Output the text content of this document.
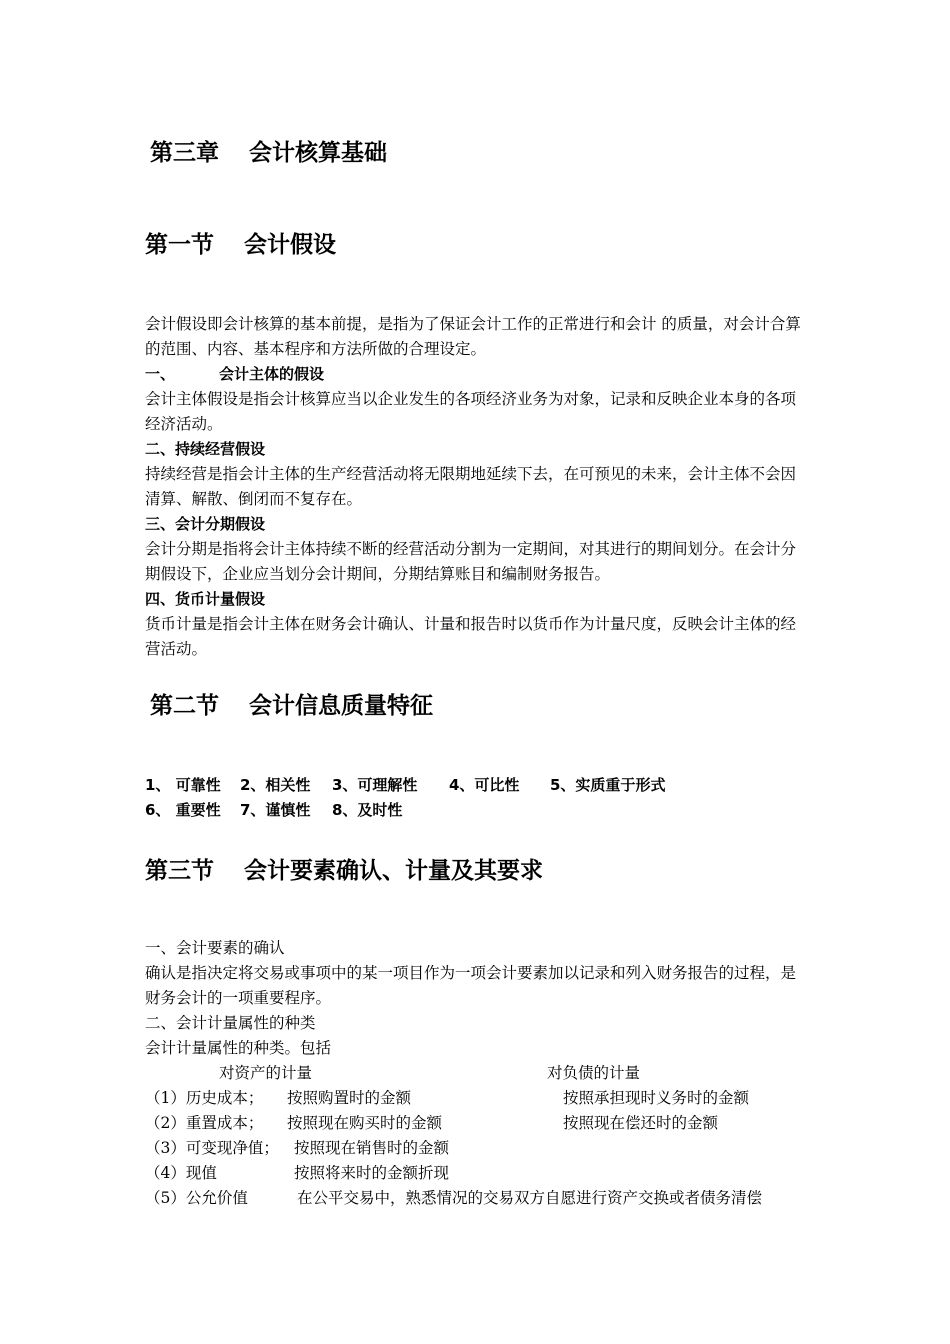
第三章 会计核算基础
第一节 会计假设
会计假设即会计核算的基本前提，是指为了保证会计工作的正常进行和会计 的质量，对会计合算的范围、内容、基本程序和方法所做的合理设定。
一、	会计主体的假设
会计主体假设是指会计核算应当以企业发生的各项经济业务为对象，记录和反映企业本身的各项经济活动。
二、持续经营假设
持续经营是指会计主体的生产经营活动将无限期地延续下去，在可预见的未来，会计主体不会因清算、解散、倒闭而不复存在。
三、会计分期假设
会计分期是指将会计主体持续不断的经营活动分割为一定期间，对其进行的期间划分。在会计分期假设下，企业应当划分会计期间，分期结算账目和编制财务报告。
四、货币计量假设
货币计量是指会计主体在财务会计确认、计量和报告时以货币作为计量尺度，反映会计主体的经营活动。
第二节 会计信息质量特征
1、 可靠性 2、相关性 3、可理解性 4、可比性 5、实质重于形式
6、 重要性 7、谨慎性 8、及时性
第三节 会计要素确认、计量及其要求
一、会计要素的确认
确认是指决定将交易或事项中的某一项目作为一项会计要素加以记录和列入财务报告的过程，是财务会计的一项重要程序。
二、会计计量属性的种类
会计计量属性的种类。包括
对资产的计量	对负债的计量
（1）历史成本； 按照购置时的金额	按照承担现时义务时的金额
（2）重置成本； 按照现在购买时的金额	按照现在偿还时的金额
（3）可变现净值； 按照现在销售时的金额
（4）现值	按照将来时的金额折现
（5）公允价值	在公平交易中，熟悉情况的交易双方自愿进行资产交换或者债务清偿
